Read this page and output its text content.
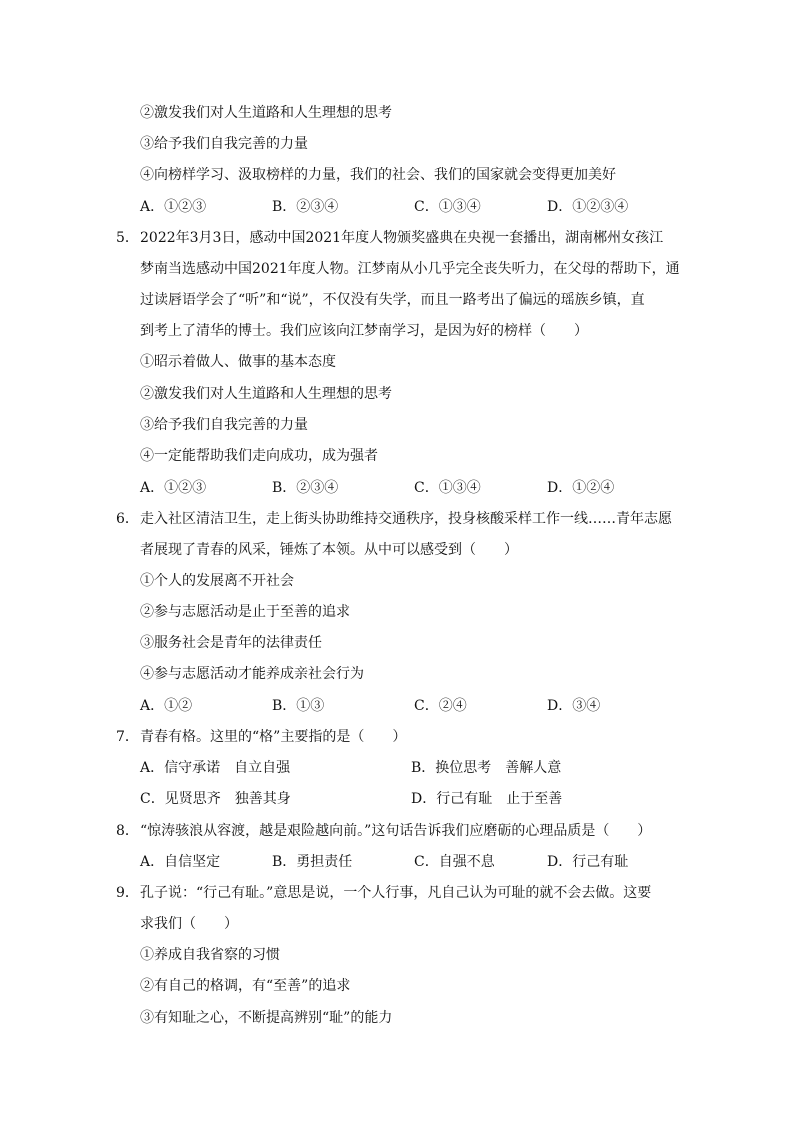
②激发我们对人生道路和人生理想的思考
③给予我们自我完善的力量
④向榜样学习、汲取榜样的力量，我们的社会、我们的国家就会变得更加美好
A．①②③	B．②③④	C．①③④	D．①②③④
5． 2022年3月3日，感动中国2021年度人物颁奖盛典在央视一套播出，湖南郴州女孩江
梦南当选感动中国2021年度人物。江梦南从小几乎完全丧失听力，在父母的帮助下，通
过读唇语学会了“听”和“说”，不仅没有失学，而且一路考出了偏远的瑶族乡镇，直
到考上了清华的博士。我们应该向江梦南学习，是因为好的榜样（　　）
①昭示着做人、做事的基本态度
②激发我们对人生道路和人生理想的思考
③给予我们自我完善的力量
④一定能帮助我们走向成功，成为强者
A．①②③	B．②③④	C．①③④	D．①②④
6． 走入社区清洁卫生，走上街头协助维持交通秩序，投身核酸采样工作一线……青年志愿
者展现了青春的风采，锤炼了本领。从中可以感受到（　　）
①个人的发展离不开社会
②参与志愿活动是止于至善的追求
③服务社会是青年的法律责任
④参与志愿活动才能养成亲社会行为
A．①②	B．①③	C．②④	D．③④
7． 青春有格。这里的“格”主要指的是（　　）
A．信守承诺　自立自强	B．换位思考　善解人意
C．见贤思齐　独善其身	D．行己有耻　止于至善
8． “惊涛骇浪从容渡，越是艰险越向前。”这句话告诉我们应磨砺的心理品质是（　　）
A．自信坚定	B．勇担责任	C．自强不息	D．行己有耻
9． 孔子说：“行己有耻。”意思是说，一个人行事，凡自己认为可耻的就不会去做。这要
求我们（　　）
①养成自我省察的习惯
②有自己的格调，有“至善”的追求
③有知耻之心，不断提高辨别“耻”的能力
